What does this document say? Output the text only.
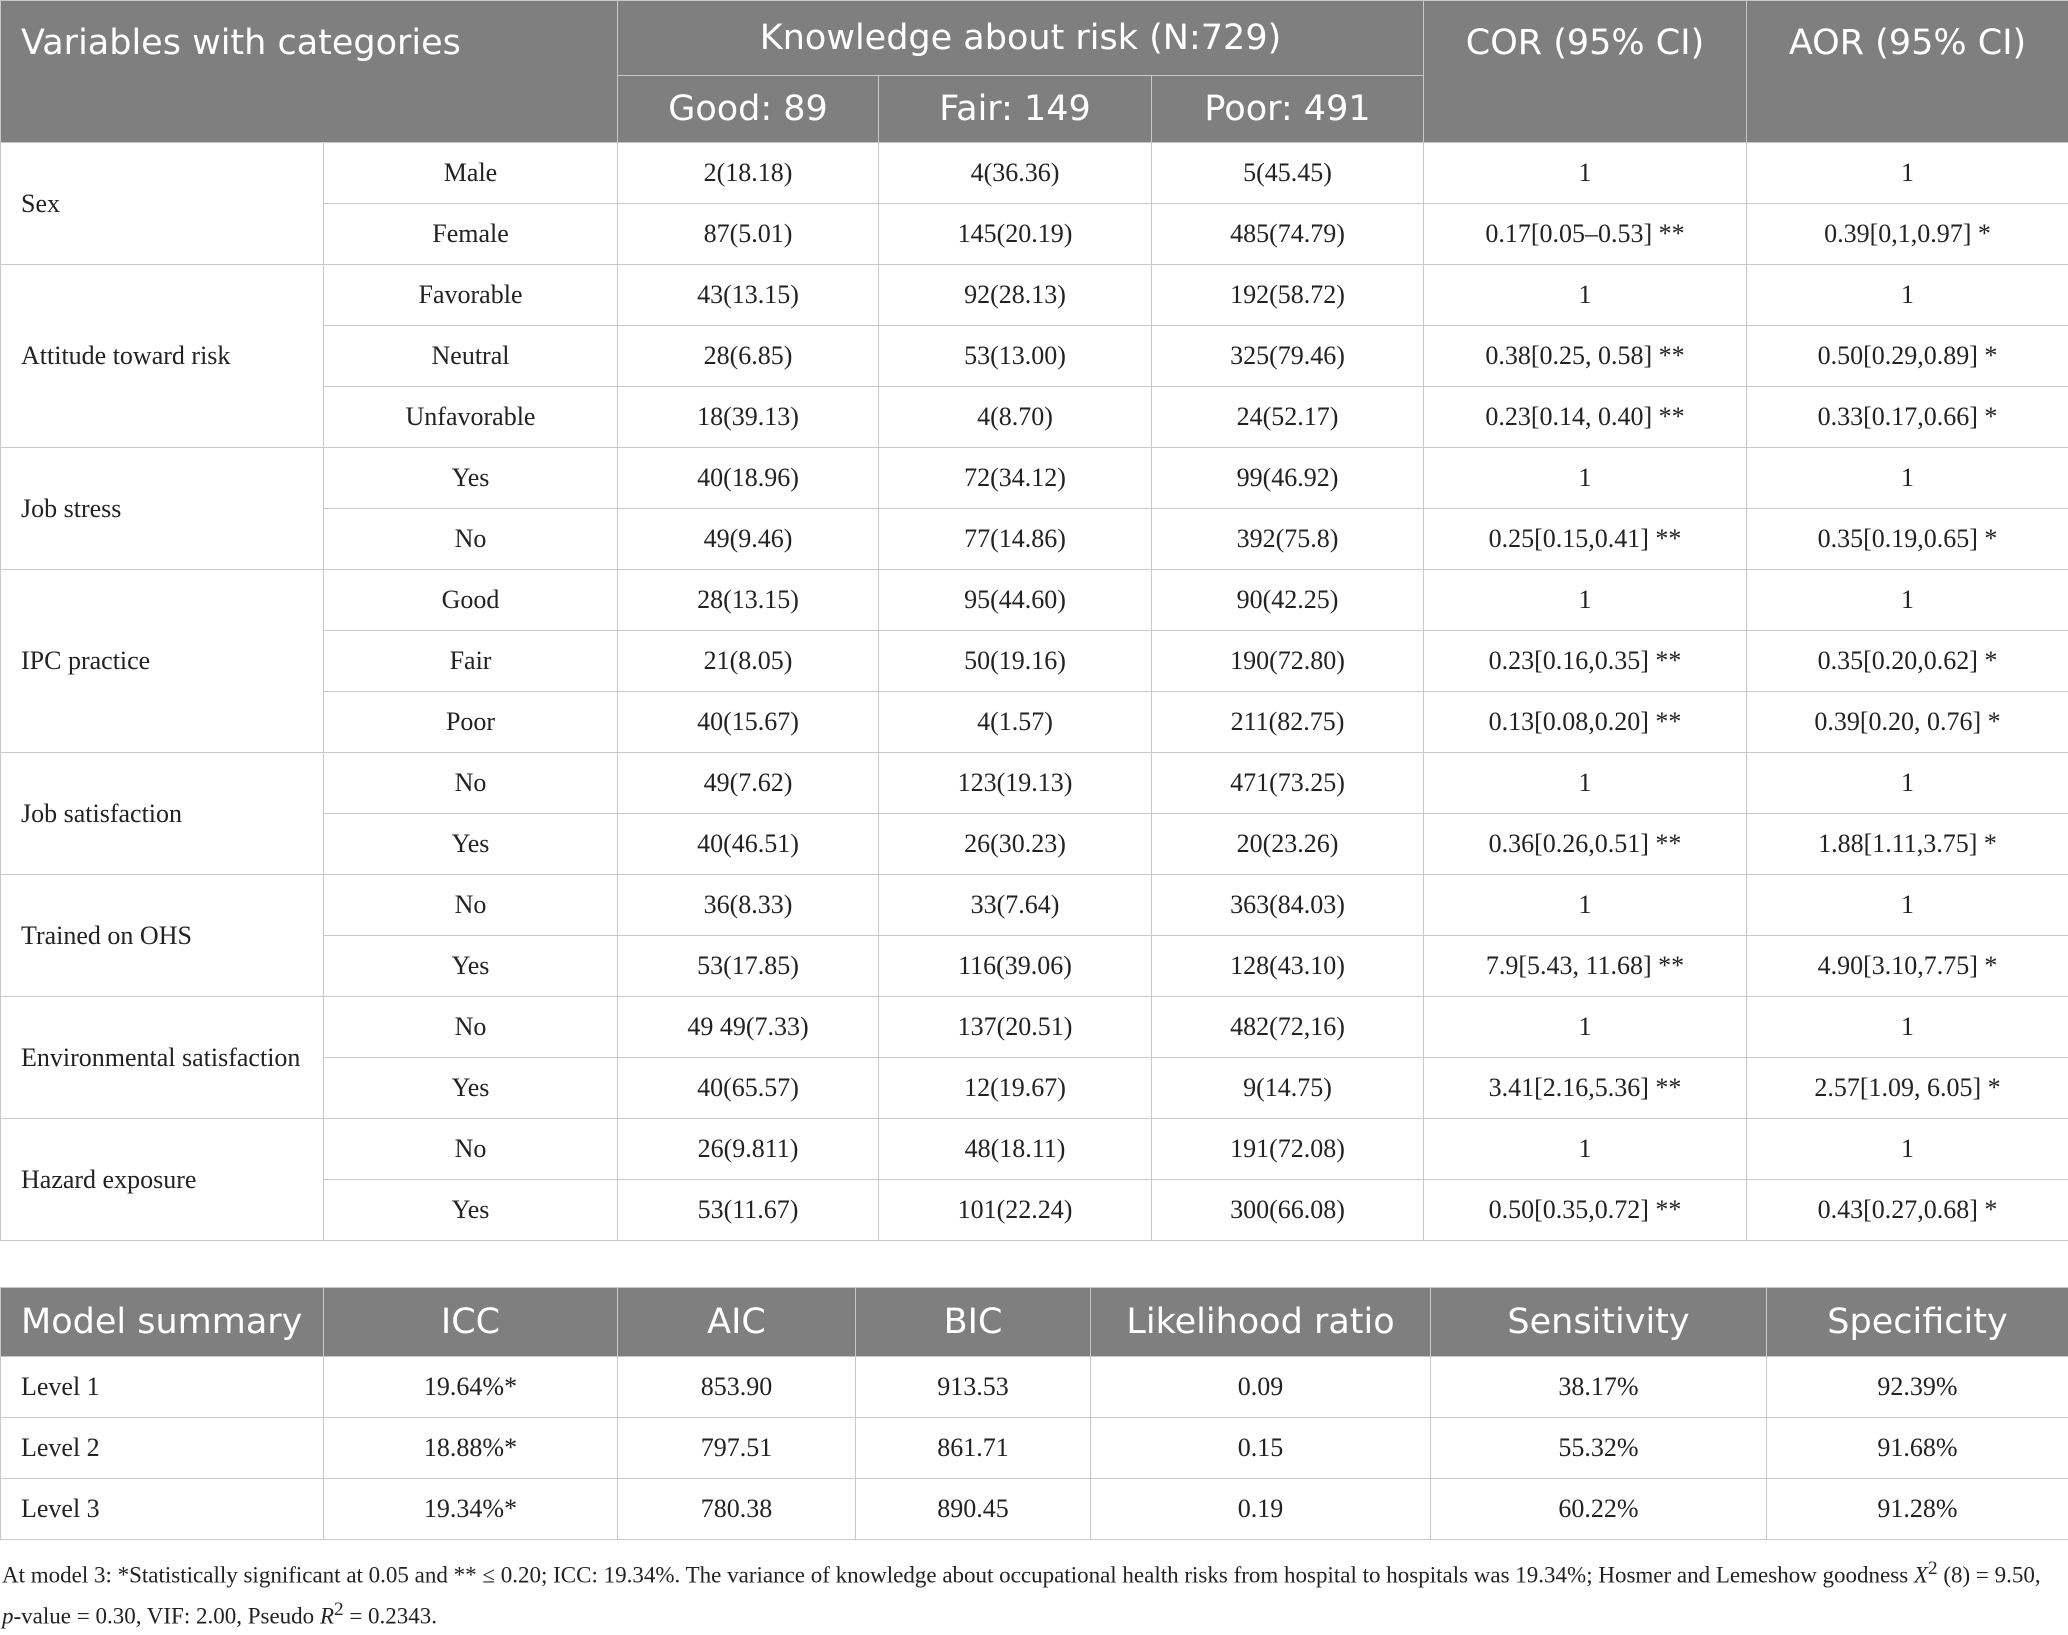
Variables with categories		Knowledge about risk (N:729)			COR (95% CI)	AOR (95% CI)
		Good: 89	Fair: 149	Poor: 491		
Sex	Male	2(18.18)	4(36.36)	5(45.45)	1	1
	Female	87(5.01)	145(20.19)	485(74.79)	0.17[0.05–0.53] **	0.39[0,1,0.97] *
Attitude toward risk	Favorable	43(13.15)	92(28.13)	192(58.72)	1	1
	Neutral	28(6.85)	53(13.00)	325(79.46)	0.38[0.25, 0.58] **	0.50[0.29,0.89] *
	Unfavorable	18(39.13)	4(8.70)	24(52.17)	0.23[0.14, 0.40] **	0.33[0.17,0.66] *
Job stress	Yes	40(18.96)	72(34.12)	99(46.92)	1	1
	No	49(9.46)	77(14.86)	392(75.8)	0.25[0.15,0.41] **	0.35[0.19,0.65] *
IPC practice	Good	28(13.15)	95(44.60)	90(42.25)	1	1
	Fair	21(8.05)	50(19.16)	190(72.80)	0.23[0.16,0.35] **	0.35[0.20,0.62] *
	Poor	40(15.67)	4(1.57)	211(82.75)	0.13[0.08,0.20] **	0.39[0.20, 0.76] *
Job satisfaction	No	49(7.62)	123(19.13)	471(73.25)	1	1
	Yes	40(46.51)	26(30.23)	20(23.26)	0.36[0.26,0.51] **	1.88[1.11,3.75] *
Trained on OHS	No	36(8.33)	33(7.64)	363(84.03)	1	1
	Yes	53(17.85)	116(39.06)	128(43.10)	7.9[5.43, 11.68] **	4.90[3.10,7.75] *
Environmental satisfaction	No	49 49(7.33)	137(20.51)	482(72,16)	1	1
	Yes	40(65.57)	12(19.67)	9(14.75)	3.41[2.16,5.36] **	2.57[1.09, 6.05] *
Hazard exposure	No	26(9.811)	48(18.11)	191(72.08)	1	1
	Yes	53(11.67)	101(22.24)	300(66.08)	0.50[0.35,0.72] **	0.43[0.27,0.68] *
Model summary	ICC	AIC	BIC	Likelihood ratio	Sensitivity	Specificity
Level 1	19.64%*	853.90	913.53	0.09	38.17%	92.39%
Level 2	18.88%*	797.51	861.71	0.15	55.32%	91.68%
Level 3	19.34%*	780.38	890.45	0.19	60.22%	91.28%
At model 3: *Statistically significant at 0.05 and ** ≤ 0.20; ICC: 19.34%. The variance of knowledge about occupational health risks from hospital to hospitals was 19.34%; Hosmer and Lemeshow goodness $X^2$ (8) = 9.50, p-value = 0.30, VIF: 2.00, Pseudo $R^2 = 0.2343$.
